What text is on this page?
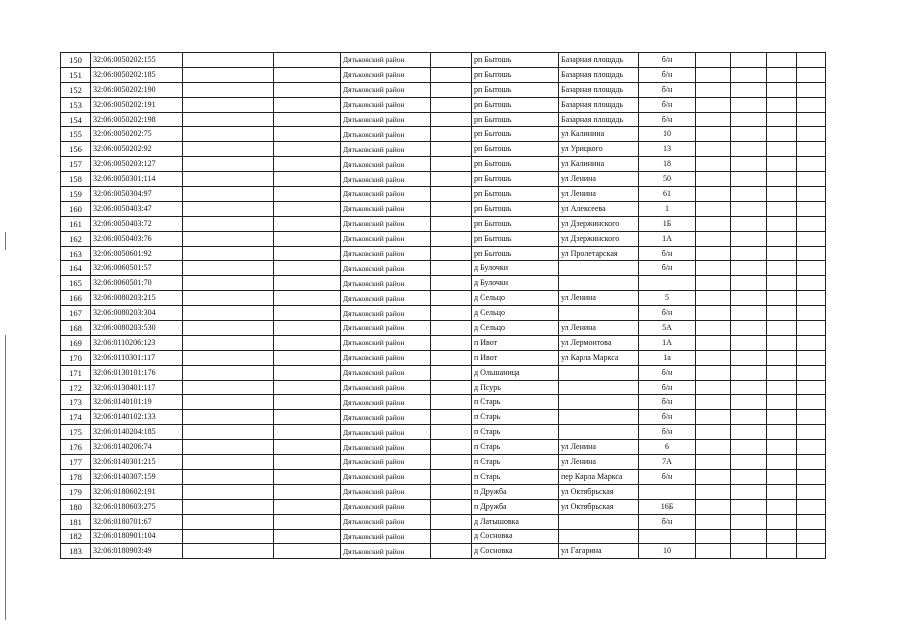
150	32:06:0050202:155			Дятьковский район		рп Бытошь	Базарная площадь	б/н				
151	32:06:0050202:185			Дятьковский район		рп Бытошь	Базарная площадь	б/н				
152	32:06:0050202:190			Дятьковский район		рп Бытошь	Базарная площадь	б/н				
153	32:06:0050202:191			Дятьковский район		рп Бытошь	Базарная площадь	б/н				
154	32:06:0050202:198			Дятьковский район		рп Бытошь	Базарная площадь	б/н				
155	32:06:0050202:75			Дятьковский район		рп Бытошь	ул Калинина	10				
156	32:06:0050202:92			Дятьковский район		рп Бытошь	ул Урицкого	13				
157	32:06:0050203:127			Дятьковский район		рп Бытошь	ул Калинина	18				
158	32:06:0050301:114			Дятьковский район		рп Бытошь	ул Ленина	50				
159	32:06:0050304:97			Дятьковский район		рп Бытошь	ул Ленина	61				
160	32:06:0050403:47			Дятьковский район		рп Бытошь	ул Алексеева	1				
161	32:06:0050403:72			Дятьковский район		рп Бытошь	ул Дзержинского	1Б				
162	32:06:0050403:76			Дятьковский район		рп Бытошь	ул Дзержинского	1А				
163	32:06:0050601:92			Дятьковский район		рп Бытошь	ул Пролетарская	б/н				
164	32:06:0060501:57			Дятьковский район		д Булочки		б/н				
165	32:06:0060501:70			Дятьковский район		д Булочки						
166	32:06:0080203:215			Дятьковский район		д Сельцо	ул Ленина	5				
167	32:06:0080203:304			Дятьковский район		д Сельцо		б/н				
168	32:06:0080203:530			Дятьковский район		д Сельцо	ул Ленина	5А				
169	32:06:0110206:123			Дятьковский район		п Ивот	ул Лермонтова	1А				
170	32:06:0110301:117			Дятьковский район		п Ивот	ул Карла Маркса	1а				
171	32:06:0130101:176			Дятьковский район		д Ольшаница		б/н				
172	32:06:0130401:117			Дятьковский район		д Псурь		б/н				
173	32:06:0140101:19			Дятьковский район		п Старь		б/н				
174	32:06:0140102:133			Дятьковский район		п Старь		б/н				
175	32:06:0140204:185			Дятьковский район		п Старь		б/н				
176	32:06:0140206:74			Дятьковский район		п Старь	ул Ленина	6				
177	32:06:0140301:215			Дятьковский район		п Старь	ул Ленина	7А				
178	32:06:0140307:159			Дятьковский район		п Старь	пер Карла Маркса	б/н				
179	32:06:0180602:191			Дятьковский район		п Дружба	ул Октябрьская					
180	32:06:0180603:275			Дятьковский район		п Дружба	ул Октябрьская	16Б				
181	32:06:0180701:67			Дятьковский район		д Латышовка		б/н				
182	32:06:0180901:104			Дятьковский район		д Сосновка						
183	32:06:0180903:49			Дятьковский район		д Сосновка	ул Гагарина	10				
